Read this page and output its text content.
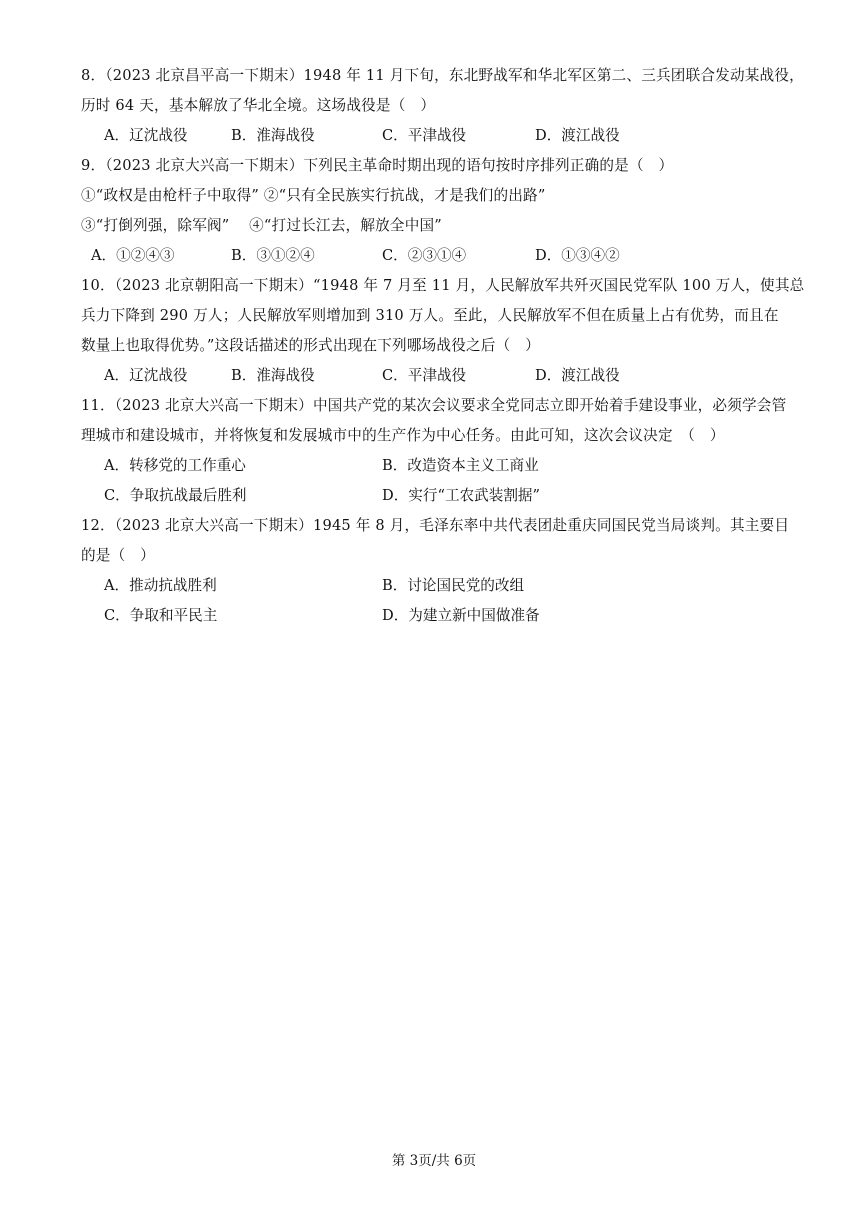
8．（2023 北京昌平高一下期末）1948 年 11 月下旬，东北野战军和华北军区第二、三兵团联合发动某战役，
历时 64 天，基本解放了华北全境。这场战役是（　）
A．辽沈战役	B．淮海战役	C．平津战役	D．渡江战役
9．（2023 北京大兴高一下期末）下列民主革命时期出现的语句按时序排列正确的是（　）
①“政权是由枪杆子中取得” ②“只有全民族实行抗战，才是我们的出路”
③“打倒列强，除军阀”　 ④“打过长江去，解放全中国”
A．①②④③	B．③①②④	C．②③①④	D．①③④②
10．（2023 北京朝阳高一下期末）“1948 年 7 月至 11 月，人民解放军共歼灭国民党军队 100 万人，使其总
兵力下降到 290 万人；人民解放军则增加到 310 万人。至此，人民解放军不但在质量上占有优势，而且在
数量上也取得优势。”这段话描述的形式出现在下列哪场战役之后（　）
A．辽沈战役	B．淮海战役	C．平津战役	D．渡江战役
11．（2023 北京大兴高一下期末）中国共产党的某次会议要求全党同志立即开始着手建设事业，必须学会管
理城市和建设城市，并将恢复和发展城市中的生产作为中心任务。由此可知，这次会议决定　（　）
A．转移党的工作重心	B．改造资本主义工商业
C．争取抗战最后胜利	D．实行“工农武装割据”
12．（2023 北京大兴高一下期末）1945 年 8 月，毛泽东率中共代表团赴重庆同国民党当局谈判。其主要目
的是（　）
A．推动抗战胜利	B．讨论国民党的改组
C．争取和平民主	D．为建立新中国做准备
第 3页/共 6页
